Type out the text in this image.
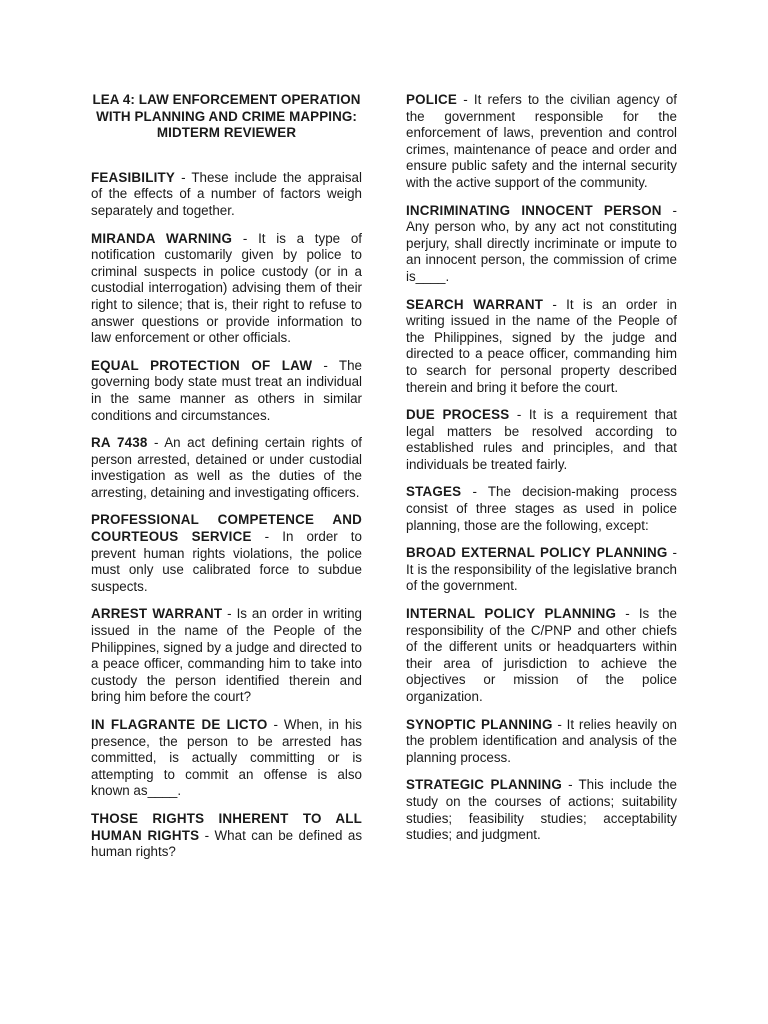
LEA 4: LAW ENFORCEMENT OPERATION WITH PLANNING AND CRIME MAPPING: MIDTERM REVIEWER

FEASIBILITY - These include the appraisal of the effects of a number of factors weigh separately and together.

MIRANDA WARNING - It is a type of notification customarily given by police to criminal suspects in police custody (or in a custodial interrogation) advising them of their right to silence; that is, their right to refuse to answer questions or provide information to law enforcement or other officials.

EQUAL PROTECTION OF LAW - The governing body state must treat an individual in the same manner as others in similar conditions and circumstances.

RA 7438 - An act defining certain rights of person arrested, detained or under custodial investigation as well as the duties of the arresting, detaining and investigating officers.

PROFESSIONAL COMPETENCE AND COURTEOUS SERVICE - In order to prevent human rights violations, the police must only use calibrated force to subdue suspects.

ARREST WARRANT - Is an order in writing issued in the name of the People of the Philippines, signed by a judge and directed to a peace officer, commanding him to take into custody the person identified therein and bring him before the court?

IN FLAGRANTE DE LICTO - When, in his presence, the person to be arrested has committed, is actually committing or is attempting to commit an offense is also known as____.

THOSE RIGHTS INHERENT TO ALL HUMAN RIGHTS - What can be defined as human rights?

POLICE - It refers to the civilian agency of the government responsible for the enforcement of laws, prevention and control crimes, maintenance of peace and order and ensure public safety and the internal security with the active support of the community.

INCRIMINATING INNOCENT PERSON - Any person who, by any act not constituting perjury, shall directly incriminate or impute to an innocent person, the commission of crime is____.

SEARCH WARRANT - It is an order in writing issued in the name of the People of the Philippines, signed by the judge and directed to a peace officer, commanding him to search for personal property described therein and bring it before the court.

DUE PROCESS - It is a requirement that legal matters be resolved according to established rules and principles, and that individuals be treated fairly.

STAGES - The decision-making process consist of three stages as used in police planning, those are the following, except:

BROAD EXTERNAL POLICY PLANNING - It is the responsibility of the legislative branch of the government.

INTERNAL POLICY PLANNING - Is the responsibility of the C/PNP and other chiefs of the different units or headquarters within their area of jurisdiction to achieve the objectives or mission of the police organization.

SYNOPTIC PLANNING - It relies heavily on the problem identification and analysis of the planning process.

STRATEGIC PLANNING - This include the study on the courses of actions; suitability studies; feasibility studies; acceptability studies; and judgment.
